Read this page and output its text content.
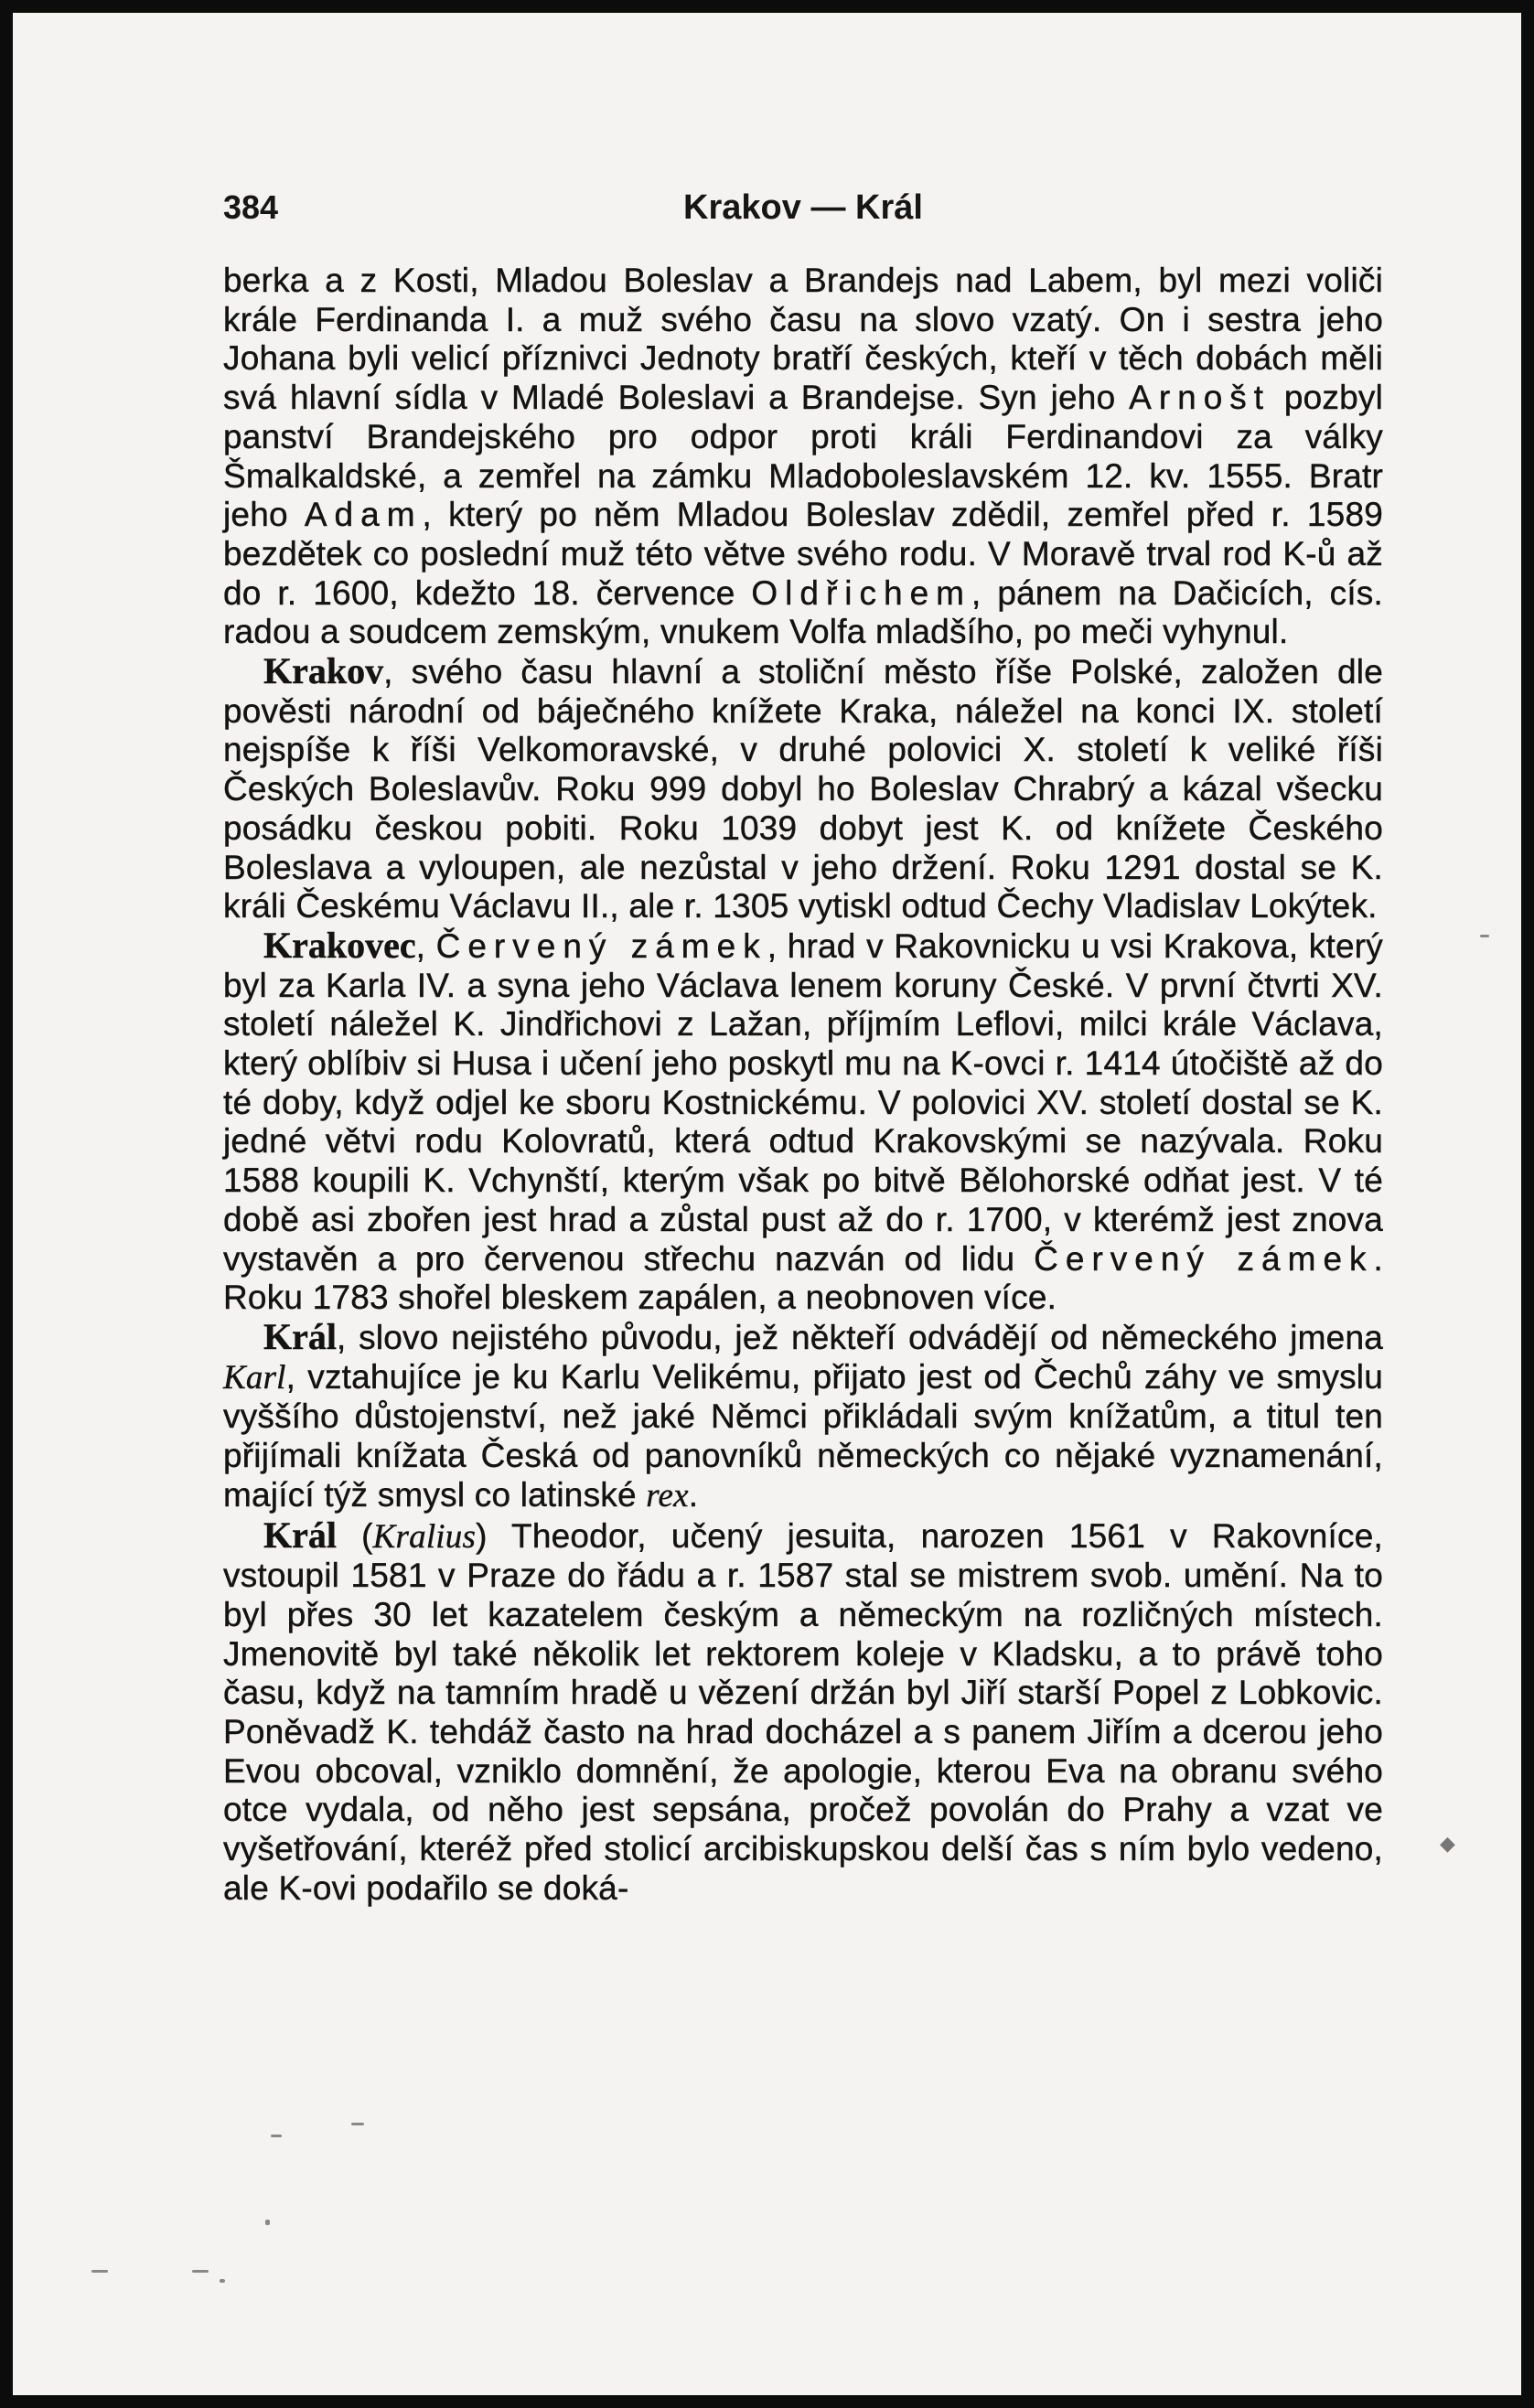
384	Krakov — Král

berka a z Kosti, Mladou Boleslav a Brandejs nad Labem, byl mezi voliči krále Ferdinanda I. a muž svého času na slovo vzatý. On i sestra jeho Johana byli velicí příznivci Jednoty bratří českých, kteří v těch dobách měli svá hlavní sídla v Mladé Boleslavi a Brandejse. Syn jeho Arnošt pozbyl panství Brandejského pro odpor proti králi Ferdinandovi za války Šmalkaldské, a zemřel na zámku Mladoboleslavském 12. kv. 1555. Bratr jeho Adam, který po něm Mladou Boleslav zdědil, zemřel před r. 1589 bezdětek co poslední muž této větve svého rodu. V Moravě trval rod K-ů až do r. 1600, kdežto 18. července Oldřichem, pánem na Dačicích, cís. radou a soudcem zemským, vnukem Volfa mladšího, po meči vyhynul.

Krakov, svého času hlavní a stoliční město říše Polské, založen dle pověsti národní od báječného knížete Kraka, náležel na konci IX. století nejspíše k říši Velkomoravské, v druhé polovici X. století k veliké říši Českých Boleslavův. Roku 999 dobyl ho Boleslav Chrabrý a kázal všecku posádku českou pobiti. Roku 1039 dobyt jest K. od knížete Českého Boleslava a vyloupen, ale nezůstal v jeho držení. Roku 1291 dostal se K. králi Českému Václavu II., ale r. 1305 vytiskl odtud Čechy Vladislav Lokýtek.

Krakovec, Červený zámek, hrad v Rakovnicku u vsi Krakova, který byl za Karla IV. a syna jeho Václava lenem koruny České. V první čtvrti XV. století náležel K. Jindřichovi z Lažan, příjmím Leflovi, milci krále Václava, který oblíbiv si Husa i učení jeho poskytl mu na K-ovci r. 1414 útočiště až do té doby, když odjel ke sboru Kostnickému. V polovici XV. století dostal se K. jedné větvi rodu Kolovratů, která odtud Krakovskými se nazývala. Roku 1588 koupili K. Vchynští, kterým však po bitvě Bělohorské odňat jest. V té době asi zbořen jest hrad a zůstal pust až do r. 1700, v kterémž jest znova vystavěn a pro červenou střechu nazván od lidu Červený zámek. Roku 1783 shořel bleskem zapálen, a neobnoven více.

Král, slovo nejistého původu, jež někteří odvádějí od německého jmena Karl, vztahujíce je ku Karlu Velikému, přijato jest od Čechů záhy ve smyslu vyššího důstojenství, než jaké Němci přikládali svým knížatům, a titul ten přijímali knížata Česká od panovníků německých co nějaké vyznamenání, mající týž smysl co latinské rex.

Král (Kralius) Theodor, učený jesuita, narozen 1561 v Rakovníce, vstoupil 1581 v Praze do řádu a r. 1587 stal se mistrem svob. umění. Na to byl přes 30 let kazatelem českým a německým na rozličných místech. Jmenovitě byl také několik let rektorem koleje v Kladsku, a to právě toho času, když na tamním hradě u vězení držán byl Jiří starší Popel z Lobkovic. Poněvadž K. tehdáž často na hrad docházel a s panem Jiřím a dcerou jeho Evou obcoval, vzniklo domnění, že apologie, kterou Eva na obranu svého otce vydala, od něho jest sepsána, pročež povolán do Prahy a vzat ve vyšetřování, kteréž před stolicí arcibiskupskou delší čas s ním bylo vedeno, ale K-ovi podařilo se doká-

◆
